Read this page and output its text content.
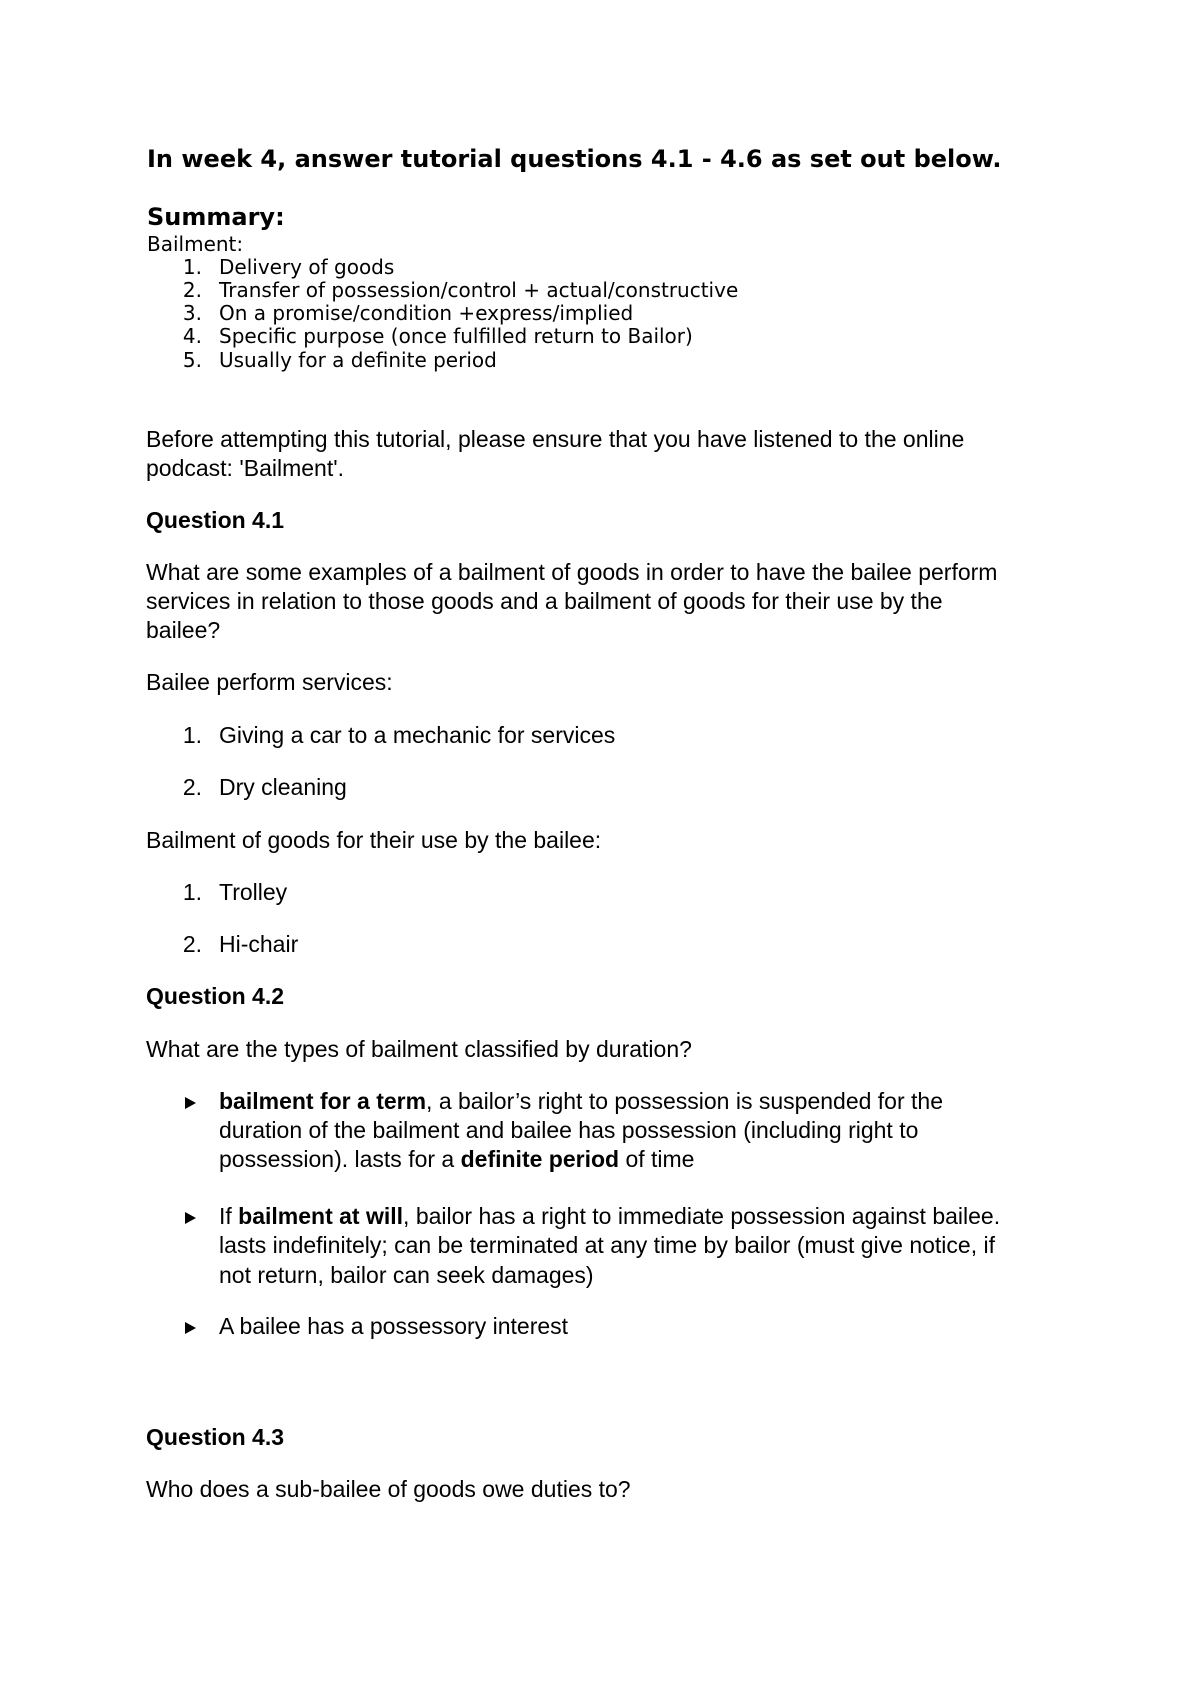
In week 4, answer tutorial questions 4.1 - 4.6 as set out below.

Summary:

Bailment:

1. Delivery of goods

2. Transfer of possession/control + actual/constructive

3. On a promise/condition +express/implied

4. Specific purpose (once fulfilled return to Bailor)

5. Usually for a definite period

Before attempting this tutorial, please ensure that you have listened to the online

podcast: 'Bailment'.

Question 4.1

What are some examples of a bailment of goods in order to have the bailee perform

services in relation to those goods and a bailment of goods for their use by the

bailee?

Bailee perform services:

1. Giving a car to a mechanic for services

2. Dry cleaning

Bailment of goods for their use by the bailee:

1. Trolley

2. Hi-chair

Question 4.2

What are the types of bailment classified by duration?

bailment for a term, a bailor’s right to possession is suspended for the

duration of the bailment and bailee has possession (including right to

possession). lasts for a definite period of time

If bailment at will, bailor has a right to immediate possession against bailee.

lasts indefinitely; can be terminated at any time by bailor (must give notice, if

not return, bailor can seek damages)

A bailee has a possessory interest

Question 4.3

Who does a sub-bailee of goods owe duties to?
